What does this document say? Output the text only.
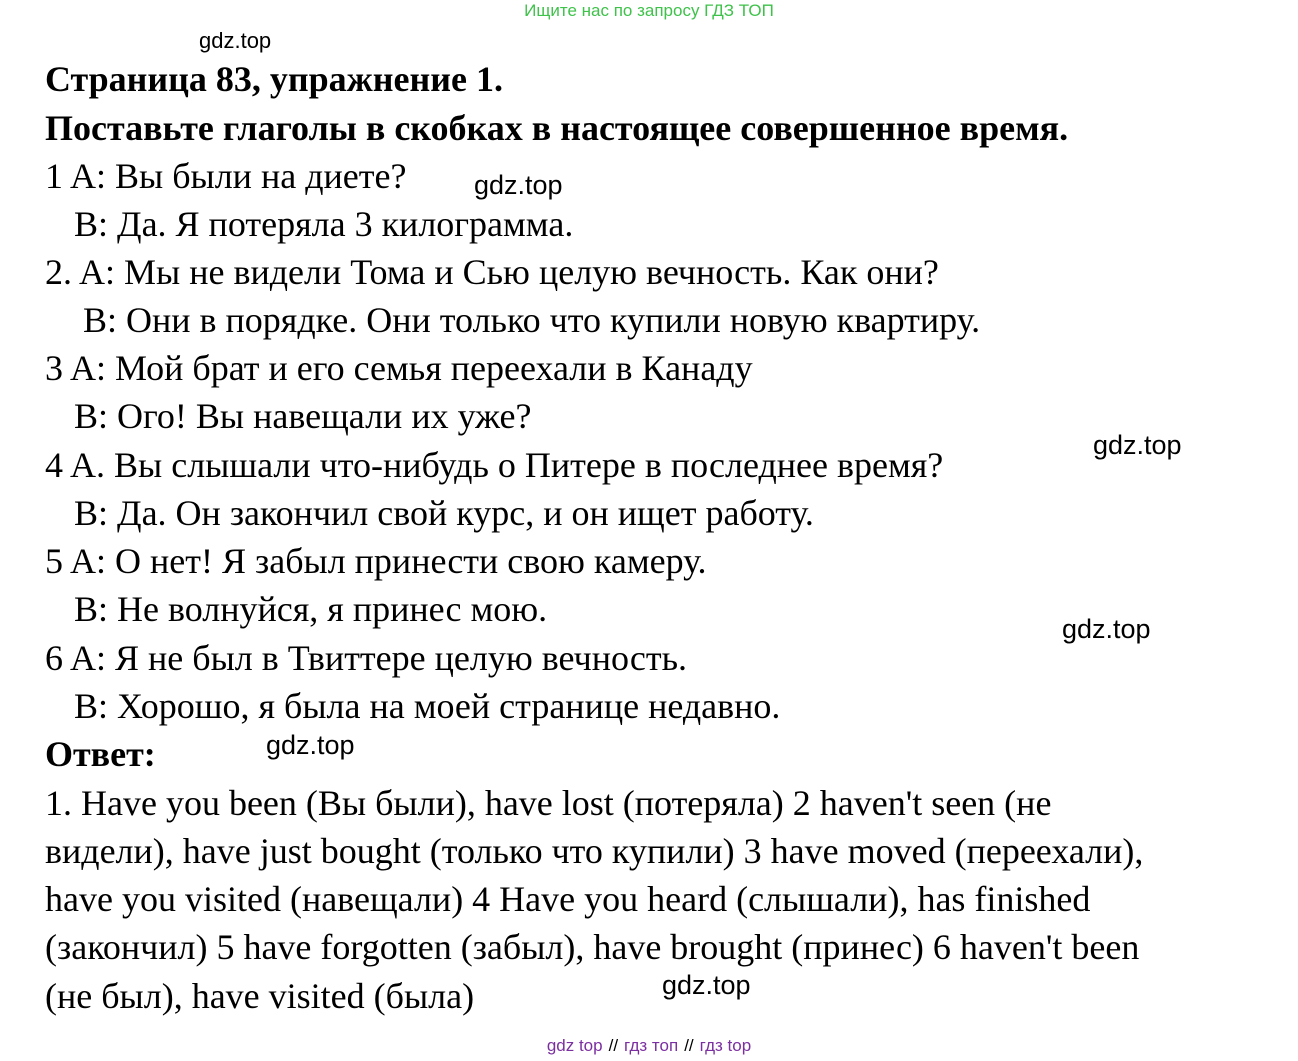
Ищите нас по запросу ГДЗ ТОП
gdz.top
gdz.top
gdz.top
gdz.top
gdz.top
gdz.top
Страница 83, упражнение 1.
Поставьте глаголы в скобках в настоящее совершенное время.
1 A: Вы были на диете?
B: Да. Я потеряла 3 килограмма.
2. A: Мы не видели Тома и Сью целую вечность. Как они?
B: Они в порядке. Они только что купили новую квартиру.
3 A: Мой брат и его семья переехали в Канаду
B: Ого! Вы навещали их уже?
4 A. Вы слышали что-нибудь о Питере в последнее время?
B: Да. Он закончил свой курс, и он ищет работу.
5 A: О нет! Я забыл принести свою камеру.
B: Не волнуйся, я принес мою.
6 A: Я не был в Твиттере целую вечность.
B: Хорошо, я была на моей странице недавно.
Ответ:
1. Have you been (Вы были), have lost (потеряла) 2 haven't seen (не
видели), have just bought (только что купили) 3 have moved (переехали),
have you visited (навещали) 4 Have you heard (слышали), has finished
(закончил) 5 have forgotten (забыл), have brought (принес) 6 haven't been
(не был), have visited (была)
gdz top // гдз топ // гдз top
